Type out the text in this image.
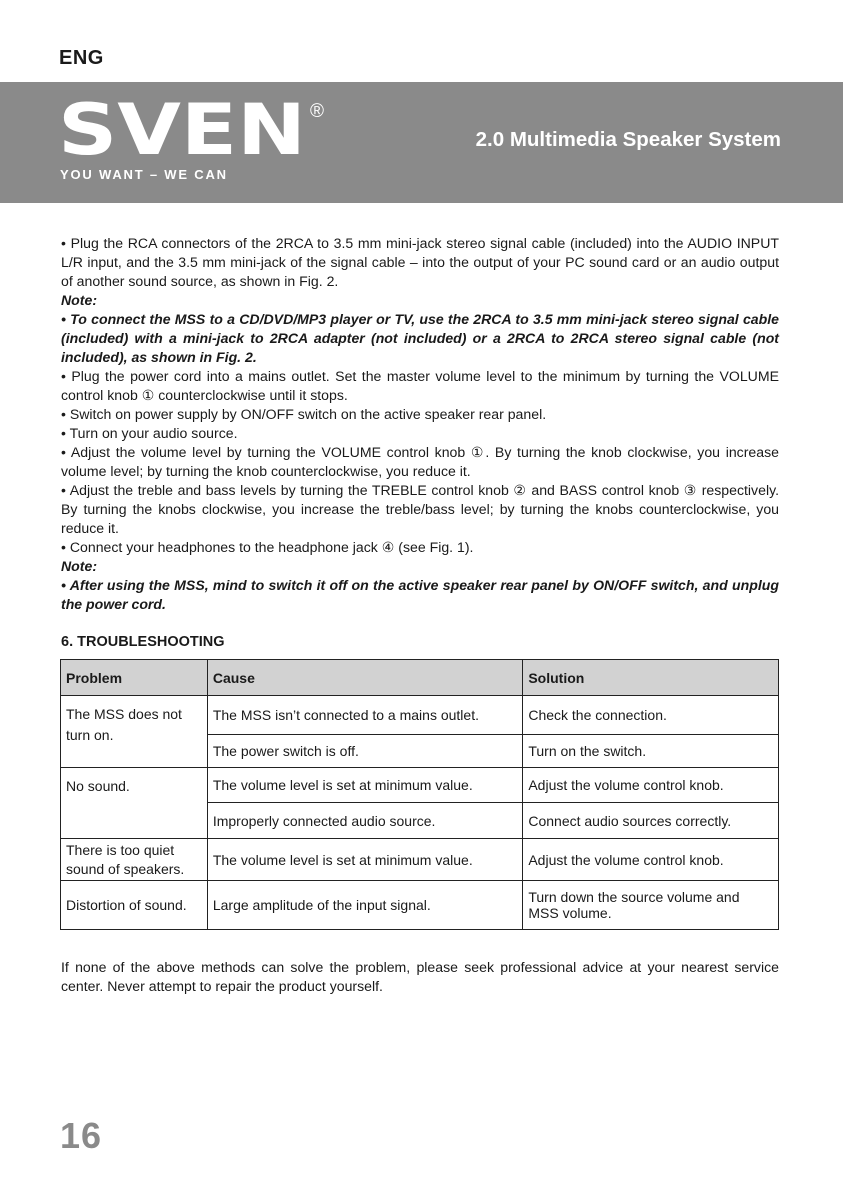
ENG
SVEN ®
YOU WANT – WE CAN
2.0 Multimedia Speaker System

• Plug the RCA connectors of the 2RCA to 3.5 mm mini-jack stereo signal cable (included) into the AUDIO INPUT L/R input, and the 3.5 mm mini-jack of the signal cable – into the output of your PC sound card or an audio output of another sound source, as shown in Fig. 2.

Note:

• To connect the MSS to a CD/DVD/MP3 player or TV, use the 2RCA to 3.5 mm mini-jack stereo signal cable (included) with a mini-jack to 2RCA adapter (not included) or a 2RCA to 2RCA stereo signal cable (not included), as shown in Fig. 2.

• Plug the power cord into a mains outlet. Set the master volume level to the minimum by turning the VOLUME control knob ① counterclockwise until it stops.

• Switch on power supply by ON/OFF switch on the active speaker rear panel.

• Turn on your audio source.

• Adjust the volume level by turning the VOLUME control knob ①. By turning the knob clockwise, you increase volume level; by turning the knob counterclockwise, you reduce it.

• Adjust the treble and bass levels by turning the TREBLE control knob ② and BASS control knob ③ respectively. By turning the knobs clockwise, you increase the treble/bass level; by turning the knobs counterclockwise, you reduce it.

• Connect your headphones to the headphone jack ④ (see Fig. 1).

Note:

• After using the MSS, mind to switch it off on the active speaker rear panel by ON/OFF switch, and unplug the power cord.

6. TROUBLESHOOTING
Problem	Cause	Solution
The MSS does not turn on.	The MSS isn’t connected to a mains outlet.	Check the connection.
	The power switch is off.	Turn on the switch.
No sound.	The volume level is set at minimum value.	Adjust the volume control knob.
	Improperly connected audio source.	Connect audio sources correctly.
There is too quiet sound of speakers.	The volume level is set at minimum value.	Adjust the volume control knob.
Distortion of sound.	Large amplitude of the input signal.	Turn down the source volume and MSS volume.
If none of the above methods can solve the problem, please seek professional advice at your nearest service center. Never attempt to repair the product yourself.
16
